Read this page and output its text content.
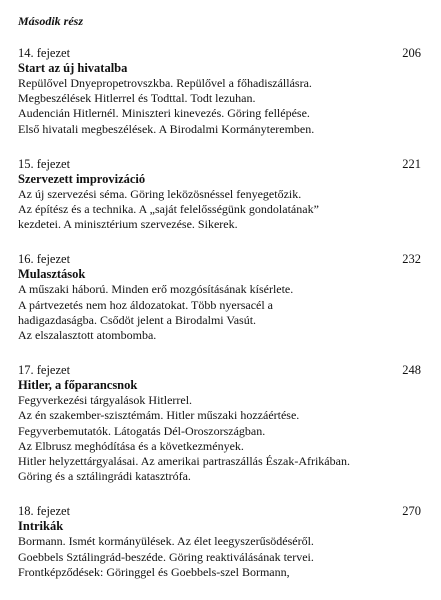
Második rész
14. fejezet	206
Start az új hivatalba
Repülővel Dnyepropetrovszkba. Repülővel a főhadiszállásra.
Megbeszélések Hitlerrel és Todttal. Todt lezuhan.
Audencián Hitlernél. Miniszteri kinevezés. Göring fellépése.
Első hivatali megbeszélések. A Birodalmi Kormányteremben.
15. fejezet	221
Szervezett improvizáció
Az új szervezési séma. Göring leközösnéssel fenyegetőzik.
Az építész és a technika. A „saját felelősségünk gondolatának”
kezdetei. A minisztérium szervezése. Sikerek.
16. fejezet	232
Mulasztások
A műszaki háború. Minden erő mozgósításának kísérlete.
A pártvezetés nem hoz áldozatokat. Több nyersacél a
hadigazdaságba. Csődöt jelent a Birodalmi Vasút.
Az elszalasztott atombomba.
17. fejezet	248
Hitler, a főparancsnok
Fegyverkezési tárgyalások Hitlerrel.
Az én szakember-szisztémám. Hitler műszaki hozzáértése.
Fegyverbemutatók. Látogatás Dél-Oroszországban.
Az Elbrusz meghódítása és a következmények.
Hitler helyzettárgyalásai. Az amerikai partraszállás Észak-Afrikában.
Göring és a sztálingrádi katasztrófa.
18. fejezet	270
Intrikák
Bormann. Ismét kormányülések. Az élet leegyszerűsödéséről.
Goebbels Sztálingrád-beszéde. Göring reaktiválásának tervei.
Frontképződések: Göringgel és Goebbels-szel Bormann,
